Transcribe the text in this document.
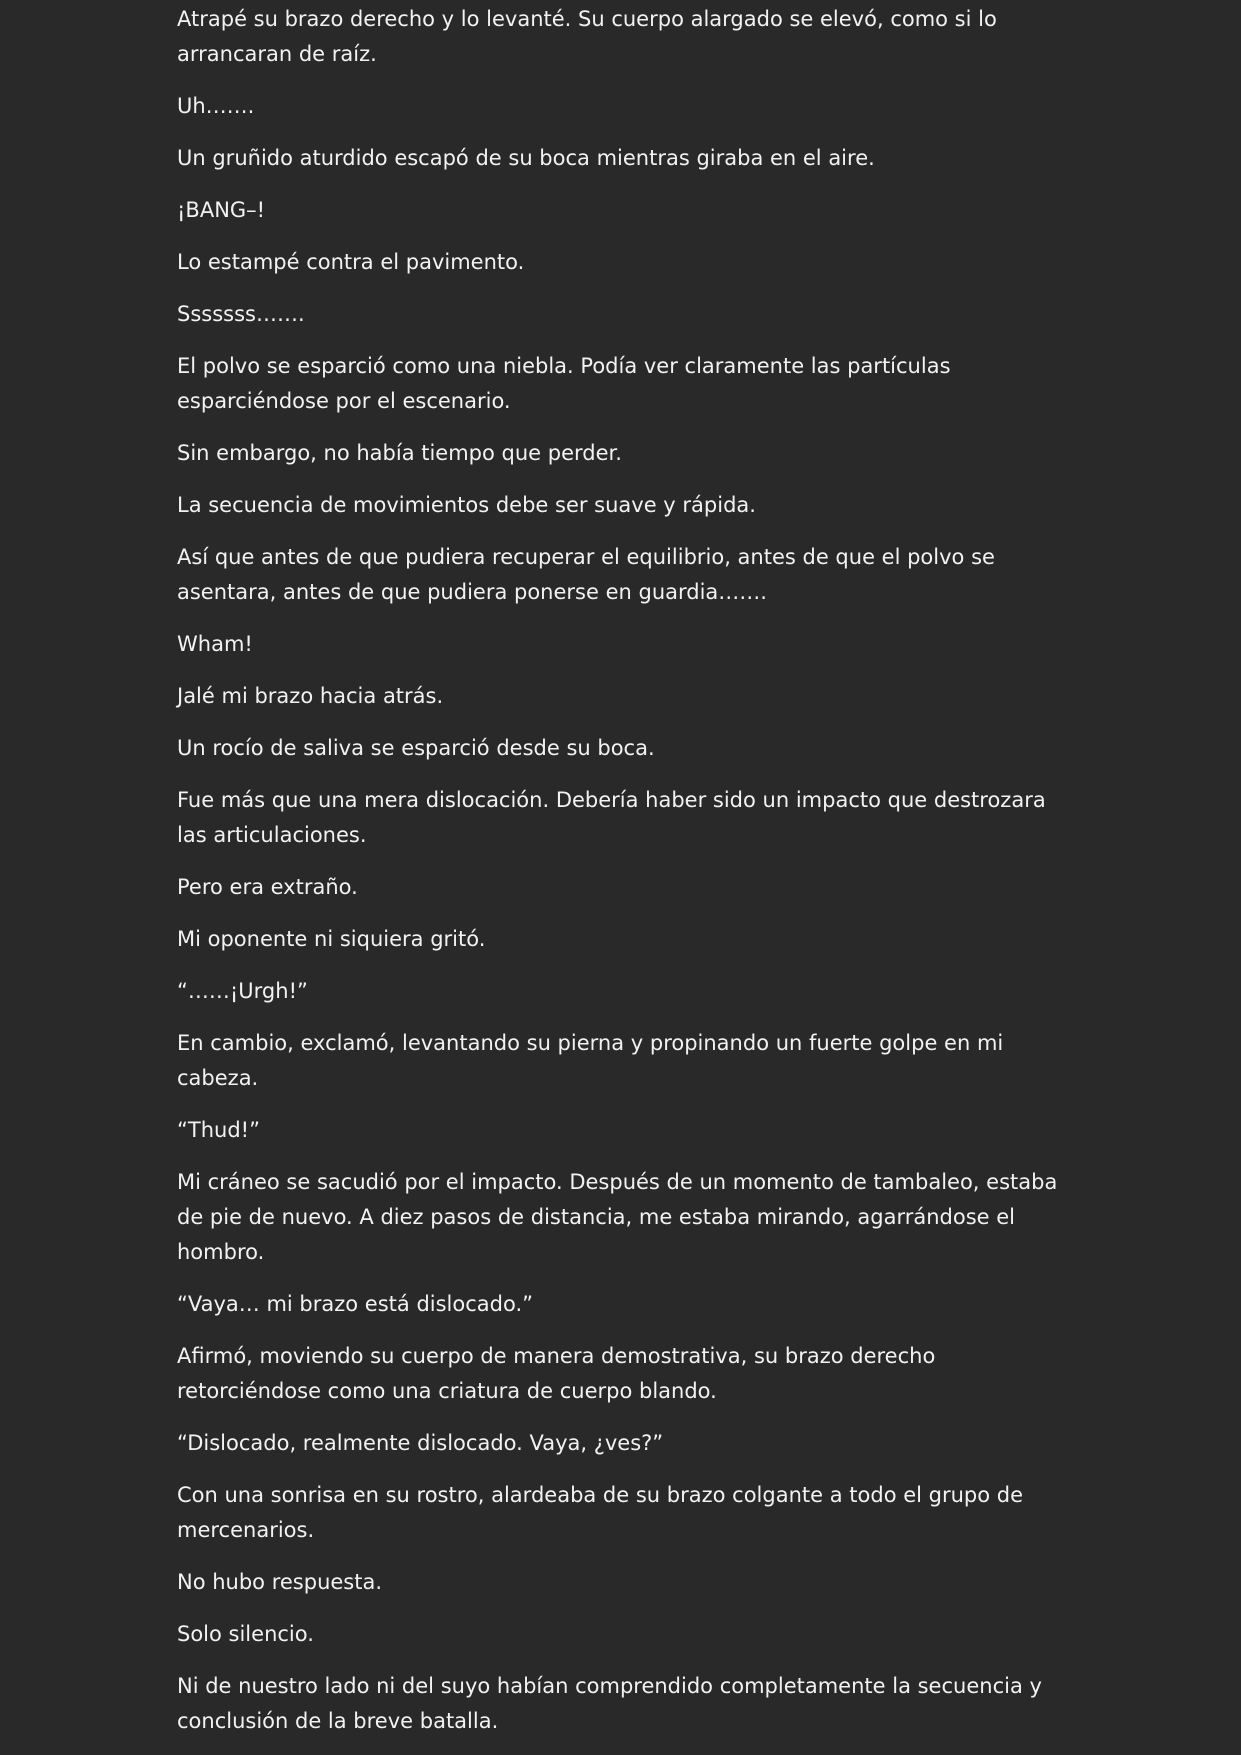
Atrapé su brazo derecho y lo levanté. Su cuerpo alargado se elevó, como si lo arrancaran de raíz.

Uh…….

Un gruñido aturdido escapó de su boca mientras giraba en el aire.

¡BANG–!

Lo estampé contra el pavimento.

Sssssss…….

El polvo se esparció como una niebla. Podía ver claramente las partículas esparciéndose por el escenario.

Sin embargo, no había tiempo que perder.

La secuencia de movimientos debe ser suave y rápida.

Así que antes de que pudiera recuperar el equilibrio, antes de que el polvo se asentara, antes de que pudiera ponerse en guardia…….

Wham!

Jalé mi brazo hacia atrás.

Un rocío de saliva se esparció desde su boca.

Fue más que una mera dislocación. Debería haber sido un impacto que destrozara las articulaciones.

Pero era extraño.

Mi oponente ni siquiera gritó.

“……¡Urgh!”

En cambio, exclamó, levantando su pierna y propinando un fuerte golpe en mi cabeza.

“Thud!”

Mi cráneo se sacudió por el impacto. Después de un momento de tambaleo, estaba de pie de nuevo. A diez pasos de distancia, me estaba mirando, agarrándose el hombro.

“Vaya… mi brazo está dislocado.”

Afirmó, moviendo su cuerpo de manera demostrativa, su brazo derecho retorciéndose como una criatura de cuerpo blando.

“Dislocado, realmente dislocado. Vaya, ¿ves?”

Con una sonrisa en su rostro, alardeaba de su brazo colgante a todo el grupo de mercenarios.

No hubo respuesta.

Solo silencio.

Ni de nuestro lado ni del suyo habían comprendido completamente la secuencia y conclusión de la breve batalla.
